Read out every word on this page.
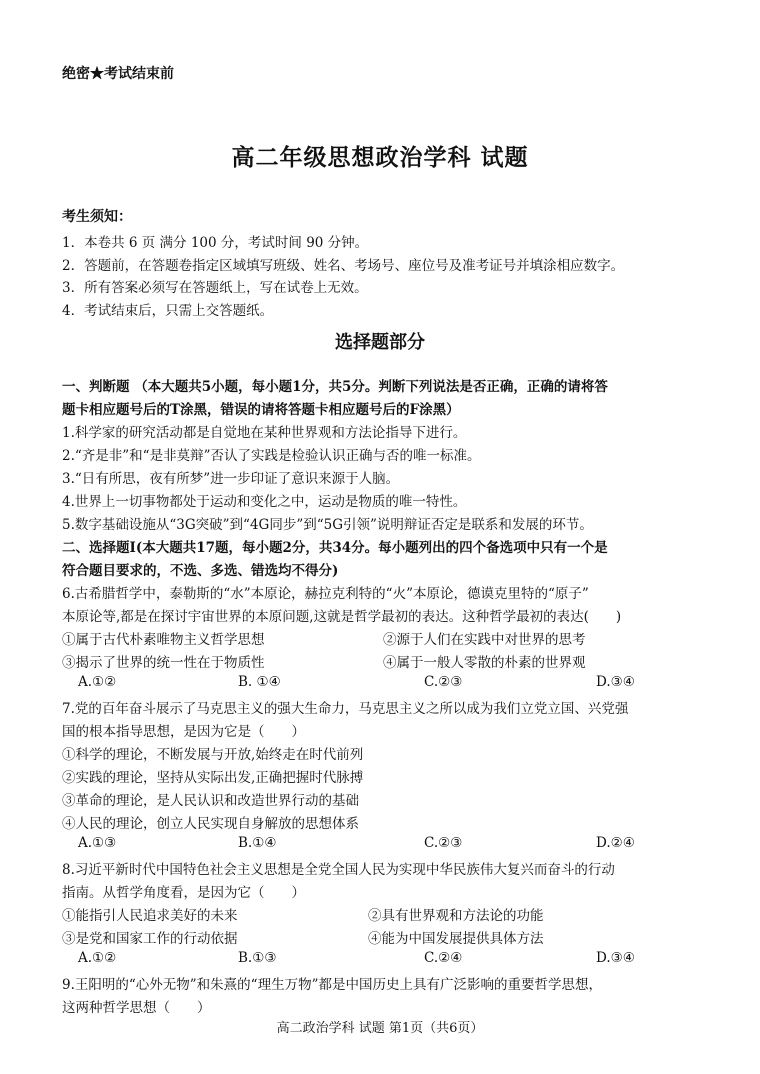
绝密★考试结束前
高二年级思想政治学科 试题
考生须知：
1．本卷共 6 页 满分 100 分，考试时间 90 分钟。
2．答题前，在答题卷指定区域填写班级、姓名、考场号、座位号及准考证号并填涂相应数字。
3．所有答案必须写在答题纸上，写在试卷上无效。
4．考试结束后，只需上交答题纸。
选择题部分
一、判断题 （本大题共5小题，每小题1分，共5分。判断下列说法是否正确，正确的请将答
题卡相应题号后的T涂黑，错误的请将答题卡相应题号后的F涂黑）
1.科学家的研究活动都是自觉地在某种世界观和方法论指导下进行。
2.“齐是非”和“是非莫辩”否认了实践是检验认识正确与否的唯一标准。
3.“日有所思，夜有所梦”进一步印证了意识来源于人脑。
4.世界上一切事物都处于运动和变化之中，运动是物质的唯一特性。
5.数字基础设施从“3G突破”到“4G同步”到“5G引领”说明辩证否定是联系和发展的环节。
二、选择题Ⅰ(本大题共17题，每小题2分，共34分。每小题列出的四个备选项中只有一个是
符合题目要求的，不选、多选、错选均不得分)
6.古希腊哲学中，泰勒斯的“水”本原论，赫拉克利特的“火”本原论，德谟克里特的“原子”
本原论等,都是在探讨宇宙世界的本原问题,这就是哲学最初的表达。这种哲学最初的表达(　　)
①属于古代朴素唯物主义哲学思想	②源于人们在实践中对世界的思考
③揭示了世界的统一性在于物质性	④属于一般人零散的朴素的世界观
A.①②	B. ①④	C.②③	D.③④
7.党的百年奋斗展示了马克思主义的强大生命力，马克思主义之所以成为我们立党立国、兴党强
国的根本指导思想，是因为它是（　　）
①科学的理论，不断发展与开放,始终走在时代前列
②实践的理论，坚持从实际出发,正确把握时代脉搏
③革命的理论，是人民认识和改造世界行动的基础
④人民的理论，创立人民实现自身解放的思想体系
A.①③	B.①④	C.②③	D.②④
8.习近平新时代中国特色社会主义思想是全党全国人民为实现中华民族伟大复兴而奋斗的行动
指南。从哲学角度看，是因为它（　　）
①能指引人民追求美好的未来	②具有世界观和方法论的功能
③是党和国家工作的行动依据	④能为中国发展提供具体方法
A.①②	B.①③	C.②④	D.③④
9.王阳明的“心外无物”和朱熹的“理生万物”都是中国历史上具有广泛影响的重要哲学思想，
这两种哲学思想（　　）
高二政治学科 试题 第1页（共6页）
